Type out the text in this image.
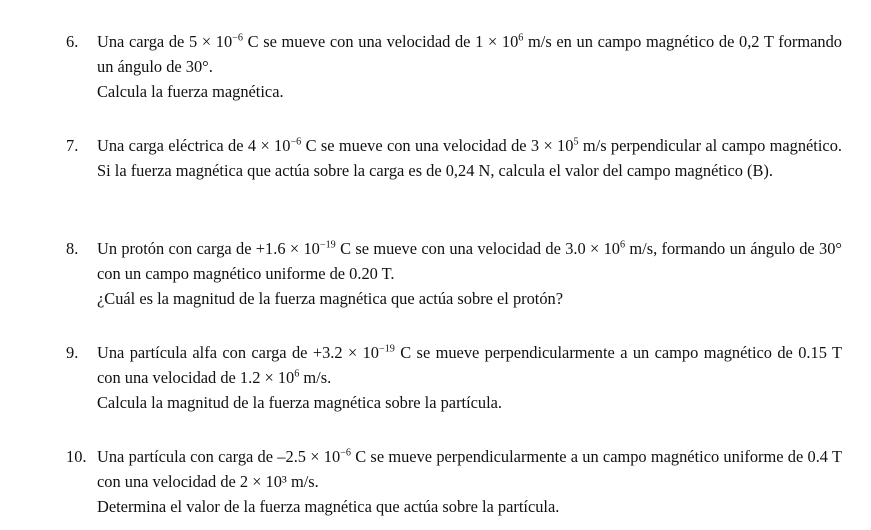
6.	Una carga de $5 \times 10^{-6}$ C se mueve con una velocidad de $1 \times 10^6$ m/s en un campo magnético de 0,2 T formando un ángulo de 30°.
Calcula la fuerza magnética.
7.	Una carga eléctrica de $4 \times 10^{-6}$ C se mueve con una velocidad de $3 \times 10^5$ m/s perpendicular al campo magnético. Si la fuerza magnética que actúa sobre la carga es de 0,24 N, calcula el valor del campo magnético (B).
8.	Un protón con carga de $+1.6 \times 10^{-19}$ C se mueve con una velocidad de $3.0 \times 10^6$ m/s, formando un ángulo de 30° con un campo magnético uniforme de 0.20 T.
¿Cuál es la magnitud de la fuerza magnética que actúa sobre el protón?
9.	Una partícula alfa con carga de $+3.2 \times 10^{-19}$ C se mueve perpendicularmente a un campo magnético de 0.15 T con una velocidad de $1.2 \times 10^6$ m/s.
Calcula la magnitud de la fuerza magnética sobre la partícula.
10. Una partícula con carga de $-2.5 \times 10^{-6}$ C se mueve perpendicularmente a un campo magnético uniforme de 0.4 T con una velocidad de 2 × 10³ m/s.
Determina el valor de la fuerza magnética que actúa sobre la partícula.
